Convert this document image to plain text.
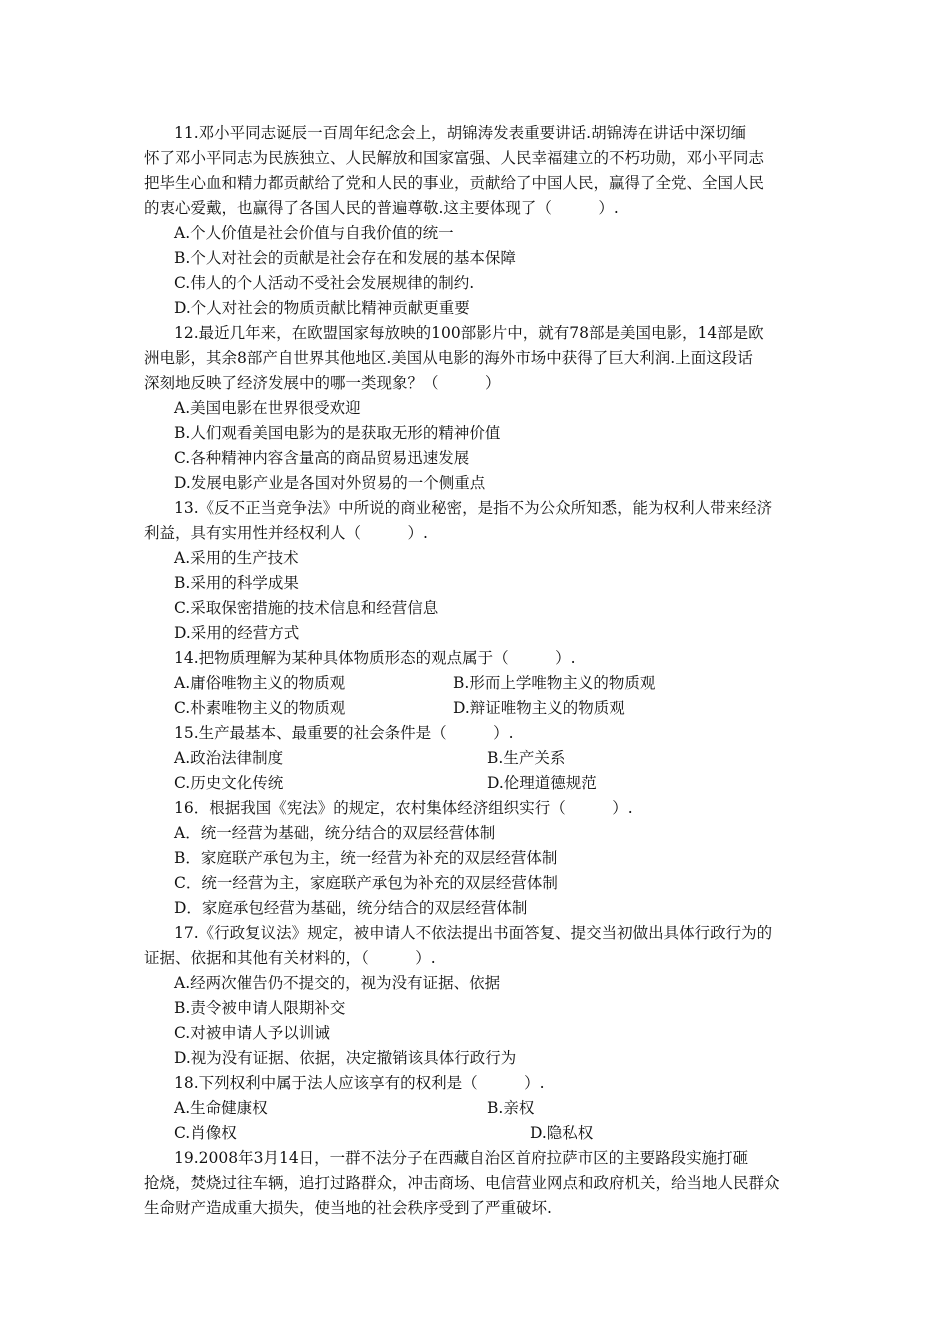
11.邓小平同志诞辰一百周年纪念会上，胡锦涛发表重要讲话.胡锦涛在讲话中深切缅
怀了邓小平同志为民族独立、人民解放和国家富强、人民幸福建立的不朽功勋，邓小平同志
把毕生心血和精力都贡献给了党和人民的事业，贡献给了中国人民，赢得了全党、全国人民
的衷心爱戴，也赢得了各国人民的普遍尊敬.这主要体现了（　　　）.
A.个人价值是社会价值与自我价值的统一
B.个人对社会的贡献是社会存在和发展的基本保障
C.伟人的个人活动不受社会发展规律的制约.
D.个人对社会的物质贡献比精神贡献更重要
12.最近几年来，在欧盟国家每放映的100部影片中，就有78部是美国电影，14部是欧
洲电影，其余8部产自世界其他地区.美国从电影的海外市场中获得了巨大利润.上面这段话
深刻地反映了经济发展中的哪一类现象？（　　　）
A.美国电影在世界很受欢迎
B.人们观看美国电影为的是获取无形的精神价值
C.各种精神内容含量高的商品贸易迅速发展
D.发展电影产业是各国对外贸易的一个侧重点
13.《反不正当竞争法》中所说的商业秘密，是指不为公众所知悉，能为权利人带来经济
利益，具有实用性并经权利人（　　　）.
A.采用的生产技术
B.采用的科学成果
C.采取保密措施的技术信息和经营信息
D.采用的经营方式
14.把物质理解为某种具体物质形态的观点属于（　　　）.
A.庸俗唯物主义的物质观	B.形而上学唯物主义的物质观
C.朴素唯物主义的物质观	D.辩证唯物主义的物质观
15.生产最基本、最重要的社会条件是（　　　）.
A.政治法律制度	B.生产关系
C.历史文化传统	D.伦理道德规范
16．根据我国《宪法》的规定，农村集体经济组织实行（　　　）.
A．统一经营为基础，统分结合的双层经营体制
B．家庭联产承包为主，统一经营为补充的双层经营体制
C．统一经营为主，家庭联产承包为补充的双层经营体制
D．家庭承包经营为基础，统分结合的双层经营体制
17.《行政复议法》规定，被申请人不依法提出书面答复、提交当初做出具体行政行为的
证据、依据和其他有关材料的，（　　　）.
A.经两次催告仍不提交的，视为没有证据、依据
B.责令被申请人限期补交
C.对被申请人予以训诫
D.视为没有证据、依据，决定撤销该具体行政行为
18.下列权利中属于法人应该享有的权利是（　　　）.
A.生命健康权	B.亲权
C.肖像权	D.隐私权
19.2008年3月14日，一群不法分子在西藏自治区首府拉萨市区的主要路段实施打砸
抢烧，焚烧过往车辆，追打过路群众，冲击商场、电信营业网点和政府机关，给当地人民群众
生命财产造成重大损失，使当地的社会秩序受到了严重破坏.
